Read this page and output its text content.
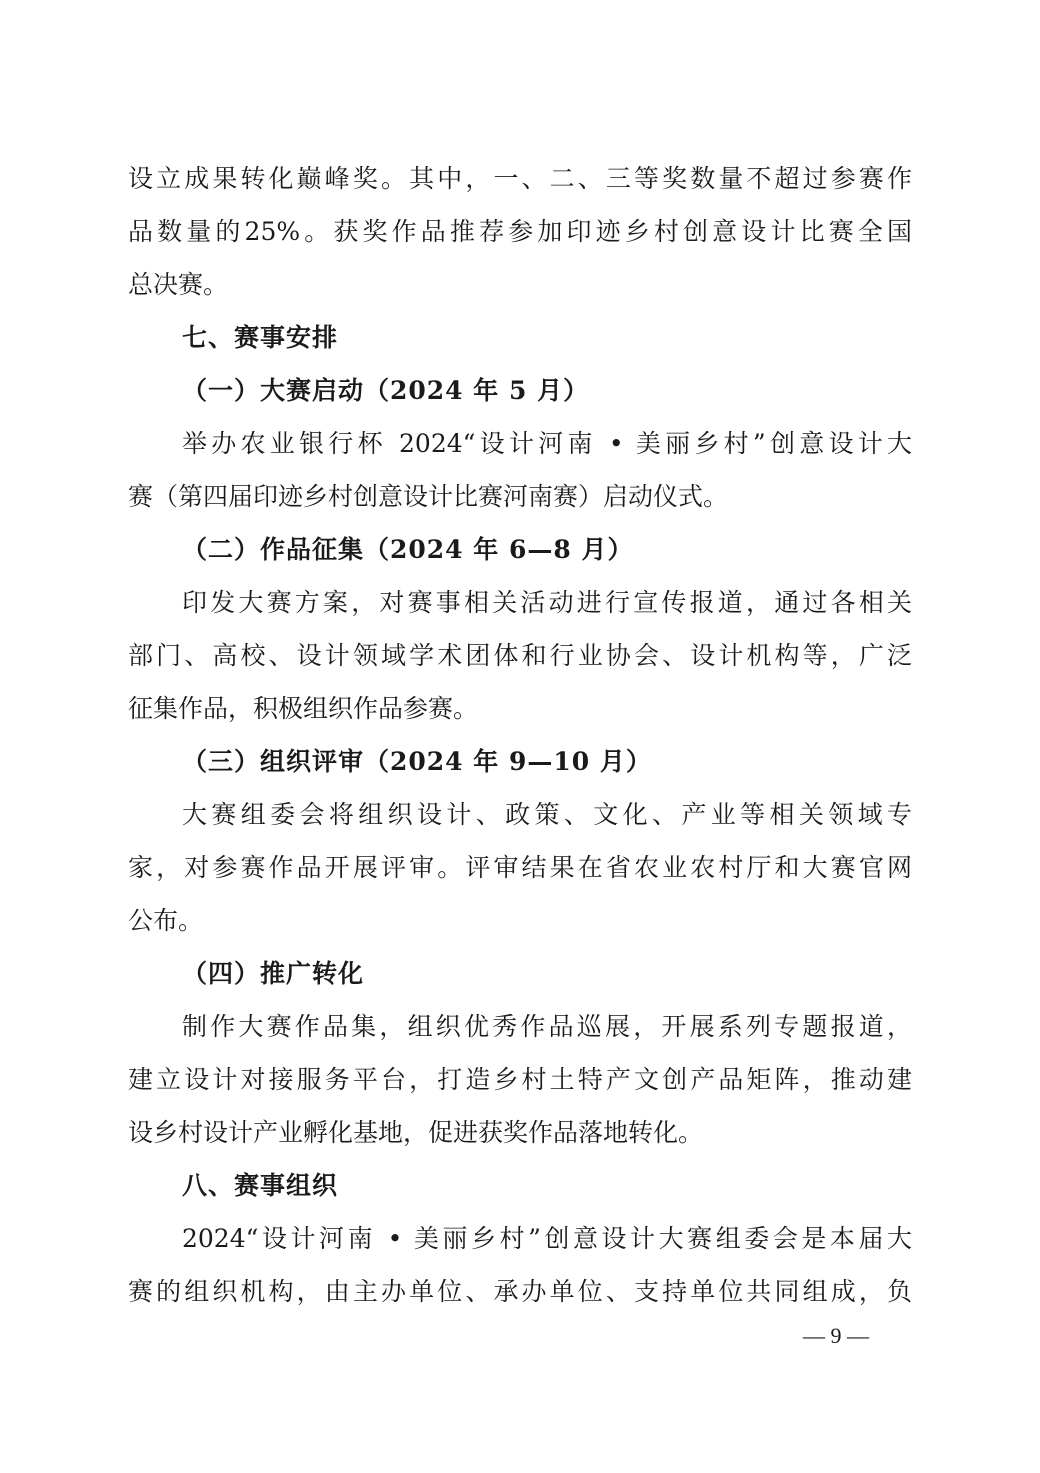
设立成果转化巅峰奖。其中，一、二、三等奖数量不超过参赛作
品数量的25%。获奖作品推荐参加印迹乡村创意设计比赛全国
总决赛。
七、赛事安排
（一）大赛启动（2024 年 5 月）
举办农业银行杯 2024“设计河南 • 美丽乡村”创意设计大
赛（第四届印迹乡村创意设计比赛河南赛）启动仪式。
（二）作品征集（2024 年 6—8 月）
印发大赛方案，对赛事相关活动进行宣传报道，通过各相关
部门、高校、设计领域学术团体和行业协会、设计机构等，广泛
征集作品，积极组织作品参赛。
（三）组织评审（2024 年 9—10 月）
大赛组委会将组织设计、政策、文化、产业等相关领域专
家，对参赛作品开展评审。评审结果在省农业农村厅和大赛官网
公布。
（四）推广转化
制作大赛作品集，组织优秀作品巡展，开展系列专题报道，
建立设计对接服务平台，打造乡村土特产文创产品矩阵，推动建
设乡村设计产业孵化基地，促进获奖作品落地转化。
八、赛事组织
2024“设计河南 • 美丽乡村”创意设计大赛组委会是本届大
赛的组织机构，由主办单位、承办单位、支持单位共同组成，负
— 9 —
